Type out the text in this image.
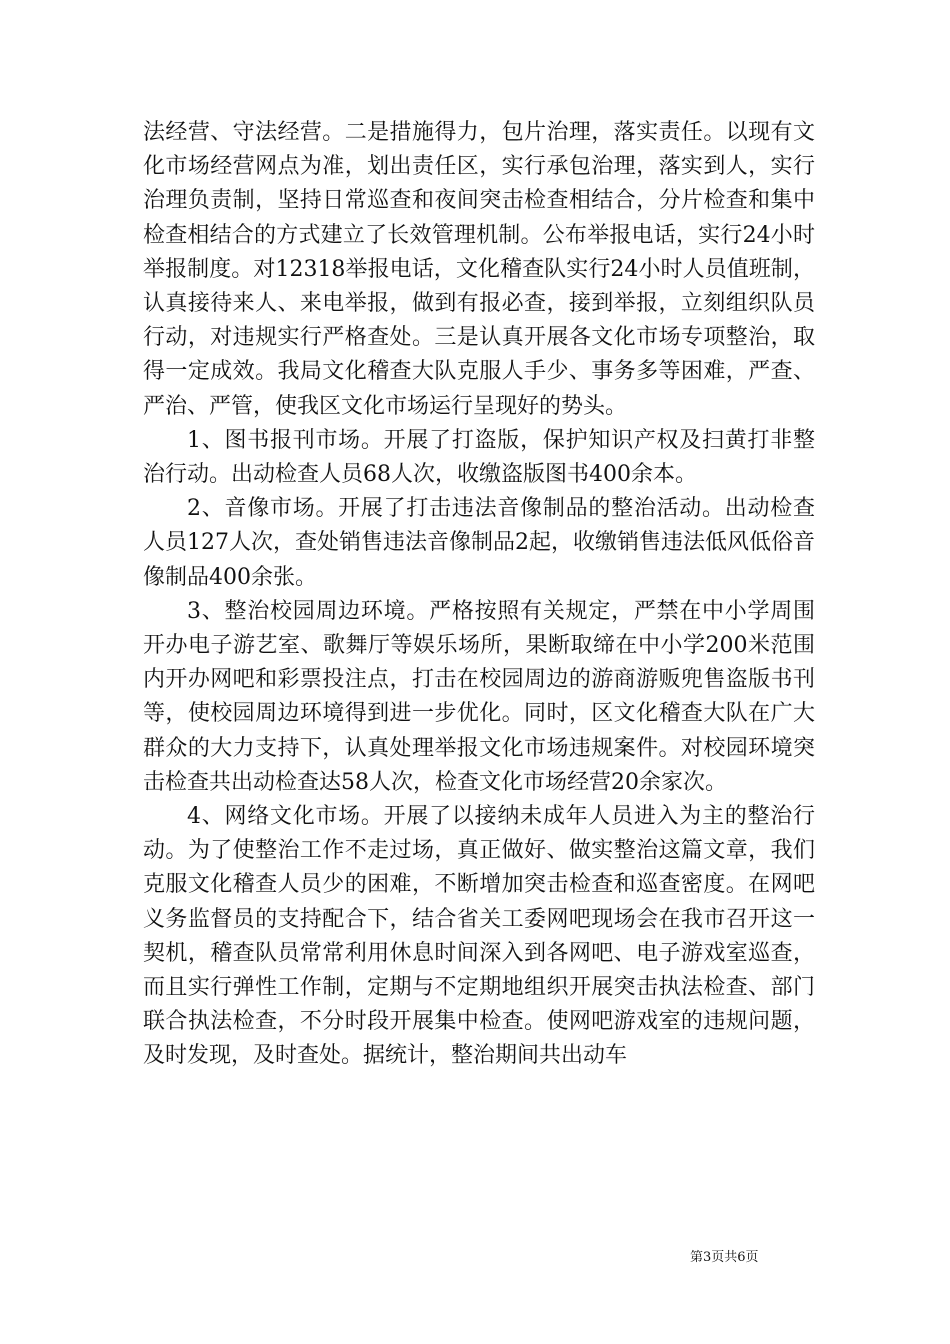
法经营、守法经营。二是措施得力，包片治理，落实责任。以现有文化市场经营网点为准，划出责任区，实行承包治理，落实到人，实行治理负责制，坚持日常巡查和夜间突击检查相结合，分片检查和集中检查相结合的方式建立了长效管理机制。公布举报电话，实行24小时举报制度。对12318举报电话，文化稽查队实行24小时人员值班制，认真接待来人、来电举报，做到有报必查，接到举报，立刻组织队员行动，对违规实行严格查处。三是认真开展各文化市场专项整治，取得一定成效。我局文化稽查大队克服人手少、事务多等困难，严查、严治、严管，使我区文化市场运行呈现好的势头。

1、图书报刊市场。开展了打盗版，保护知识产权及扫黄打非整治行动。出动检查人员68人次，收缴盗版图书400余本。

2、音像市场。开展了打击违法音像制品的整治活动。出动检查人员127人次，查处销售违法音像制品2起，收缴销售违法低风低俗音像制品400余张。

3、整治校园周边环境。严格按照有关规定，严禁在中小学周围开办电子游艺室、歌舞厅等娱乐场所，果断取缔在中小学200米范围内开办网吧和彩票投注点，打击在校园周边的游商游贩兜售盗版书刊等，使校园周边环境得到进一步优化。同时，区文化稽查大队在广大群众的大力支持下，认真处理举报文化市场违规案件。对校园环境突击检查共出动检查达58人次，检查文化市场经营20余家次。

4、网络文化市场。开展了以接纳未成年人员进入为主的整治行动。为了使整治工作不走过场，真正做好、做实整治这篇文章，我们克服文化稽查人员少的困难，不断增加突击检查和巡查密度。在网吧义务监督员的支持配合下，结合省关工委网吧现场会在我市召开这一契机，稽查队员常常利用休息时间深入到各网吧、电子游戏室巡查，而且实行弹性工作制，定期与不定期地组织开展突击执法检查、部门联合执法检查，不分时段开展集中检查。使网吧游戏室的违规问题，及时发现，及时查处。据统计，整治期间共出动车

第3页共6页
